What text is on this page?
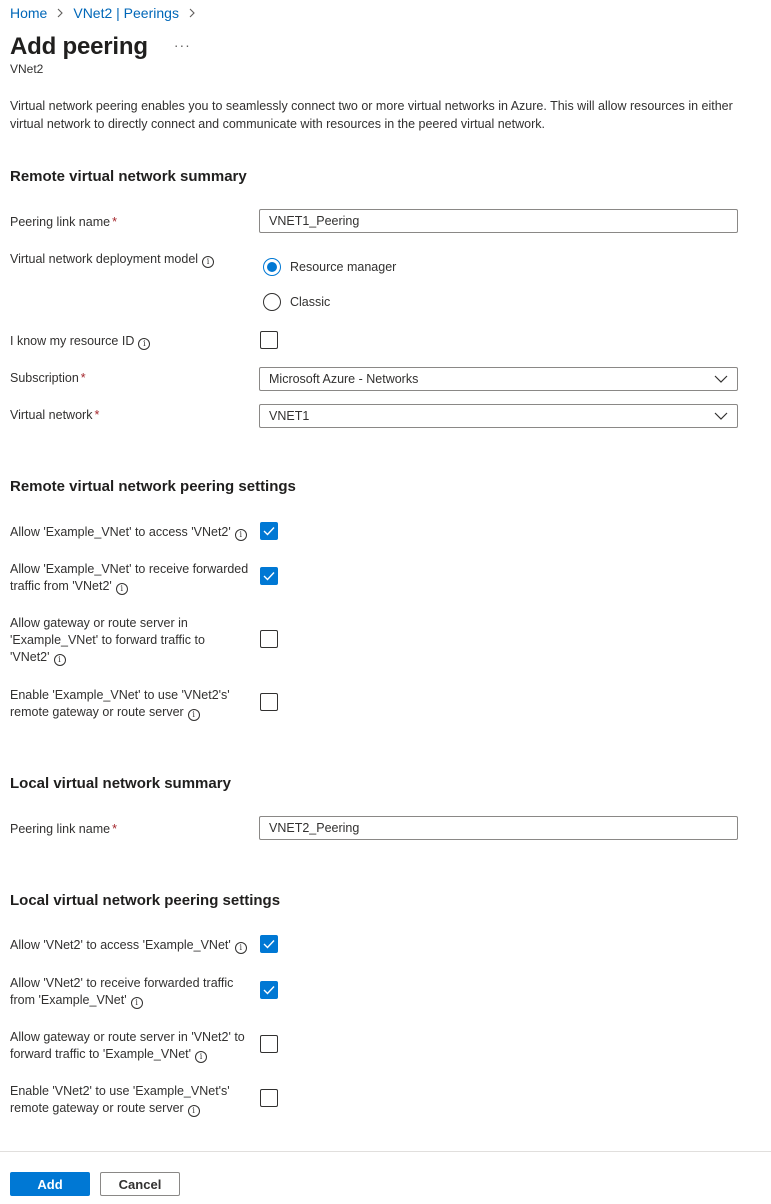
Home VNet2 | Peerings
Add peering ···
VNet2
Virtual network peering enables you to seamlessly connect two or more virtual networks in Azure. This will allow resources in either virtual network to directly connect and communicate with resources in the peered virtual network.
Remote virtual network summary
Peering link name *	VNET1_Peering
Virtual network deployment model i	Resource manager
Classic
I know my resource ID i
Subscription *	Microsoft Azure - Networks
Virtual network *	VNET1
Remote virtual network peering settings
Allow 'Example_VNet' to access 'VNet2' i
Allow 'Example_VNet' to receive forwarded
traffic from 'VNet2' i
Allow gateway or route server in
'Example_VNet' to forward traffic to
'VNet2' i
Enable 'Example_VNet' to use 'VNet2's'
remote gateway or route server i
Local virtual network summary
Peering link name *	VNET2_Peering
Local virtual network peering settings
Allow 'VNet2' to access 'Example_VNet' i
Allow 'VNet2' to receive forwarded traffic
from 'Example_VNet' i
Allow gateway or route server in 'VNet2' to
forward traffic to 'Example_VNet' i
Enable 'VNet2' to use 'Example_VNet's'
remote gateway or route server i
Add	Cancel
